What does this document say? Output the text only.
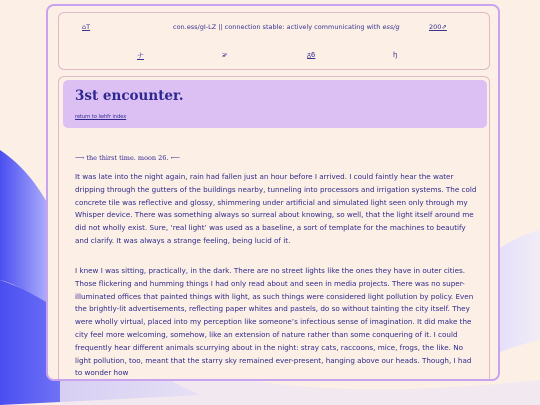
⌂T	con.ess/gI-LZ || connection stable: actively communicating with ess/g	200⇗
ナ	ቻ	ᵹ6	ꜧ
3st encounter.
return to lwhfr index
⟶ the thirst time. moon 26. ⟵

It was late into the night again, rain had fallen just an hour before I arrived. I could faintly hear the water dripping through the gutters of the buildings nearby, tunneling into processors and irrigation systems. The cold concrete tile was reflective and glossy, shimmering under artificial and simulated light seen only through my Whisper device. There was something always so surreal about knowing, so well, that the light itself around me did not wholly exist. Sure, ‘real light’ was used as a baseline, a sort of template for the machines to beautify and clarify. It was always a strange feeling, being lucid of it.

I knew I was sitting, practically, in the dark. There are no street lights like the ones they have in outer cities. Those flickering and humming things I had only read about and seen in media projects. There was no super-illuminated offices that painted things with light, as such things were considered light pollution by policy. Even the brightly-lit advertisements, reflecting paper whites and pastels, do so without tainting the city itself. They were wholly virtual, placed into my perception like someone’s infectious sense of imagination. It did make the city feel more welcoming, somehow, like an extension of nature rather than some conquering of it. I could frequently hear different animals scurrying about in the night: stray cats, raccoons, mice, frogs, the like. No light pollution, too, meant that the starry sky remained ever-present, hanging above our heads. Though, I had to wonder how
